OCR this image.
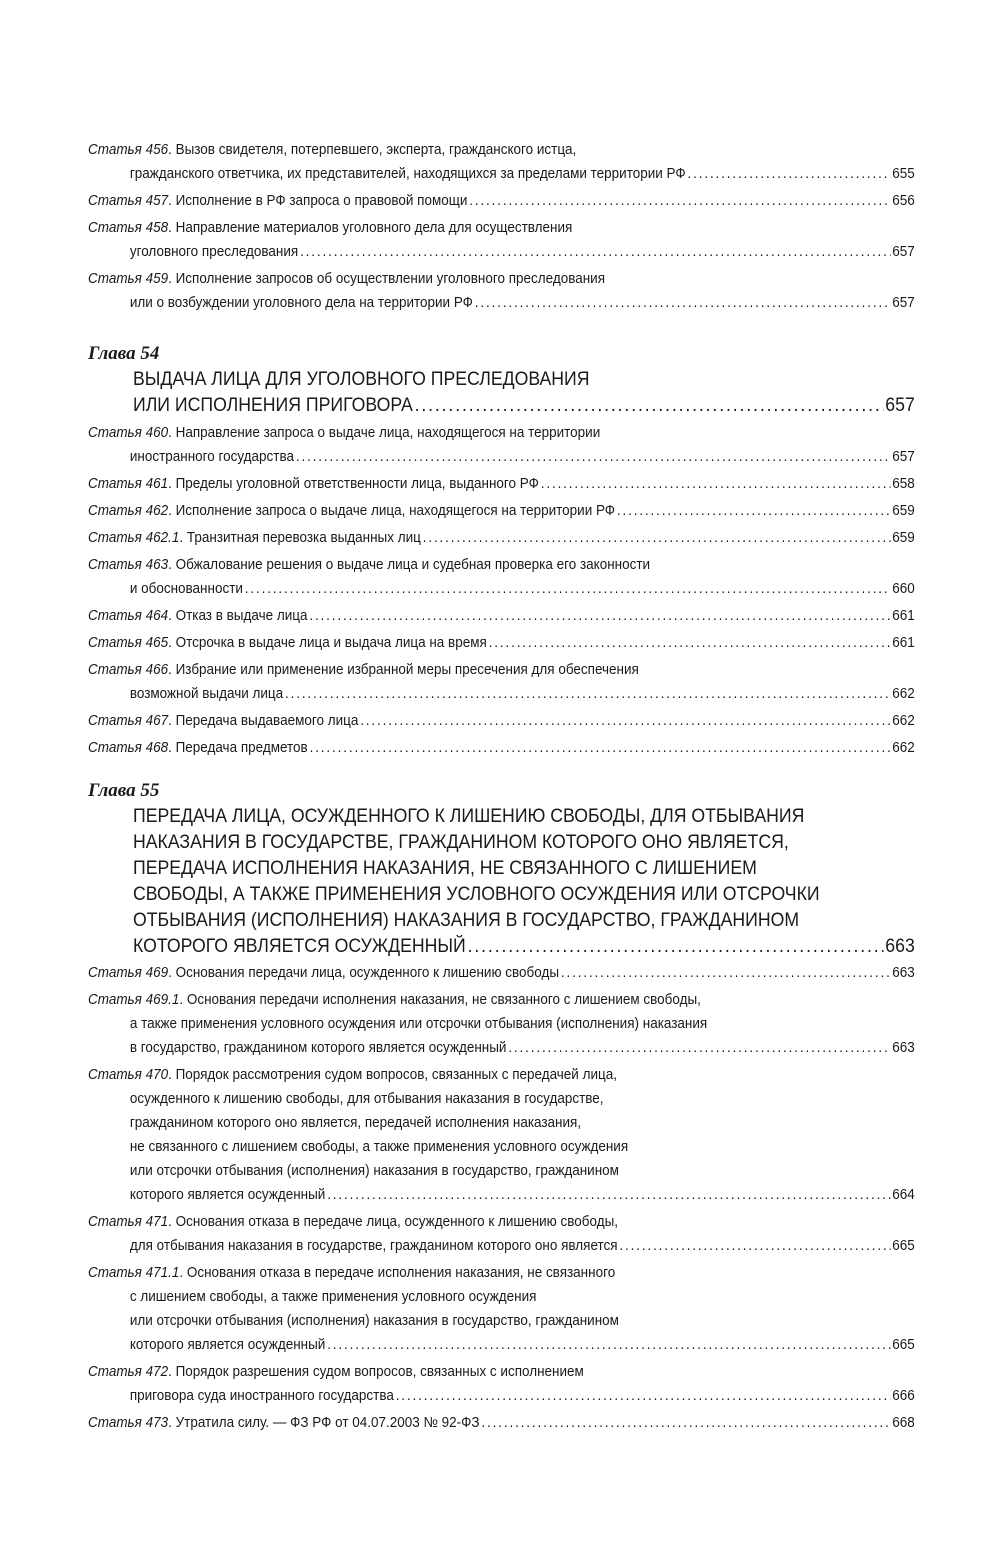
Статья 456. Вызов свидетеля, потерпевшего, эксперта, гражданского истца,
гражданского ответчика, их представителей, находящихся за пределами территории РФ .....	655
Статья 457. Исполнение в РФ запроса о правовой помощи .....	656
Статья 458. Направление материалов уголовного дела для осуществления
уголовного преследования .....	657
Статья 459. Исполнение запросов об осуществлении уголовного преследования
или о возбуждении уголовного дела на территории РФ .....	657
Глава 54
ВЫДАЧА ЛИЦА ДЛЯ УГОЛОВНОГО ПРЕСЛЕДОВАНИЯ
ИЛИ ИСПОЛНЕНИЯ ПРИГОВОРА .....	657
Статья 460. Направление запроса о выдаче лица, находящегося на территории
иностранного государства .....	657
Статья 461. Пределы уголовной ответственности лица, выданного РФ .....	658
Статья 462. Исполнение запроса о выдаче лица, находящегося на территории РФ .....	659
Статья 462.1. Транзитная перевозка выданных лиц .....	659
Статья 463. Обжалование решения о выдаче лица и судебная проверка его законности
и обоснованности .....	660
Статья 464. Отказ в выдаче лица .....	661
Статья 465. Отсрочка в выдаче лица и выдача лица на время .....	661
Статья 466. Избрание или применение избранной меры пресечения для обеспечения
возможной выдачи лица .....	662
Статья 467. Передача выдаваемого лица .....	662
Статья 468. Передача предметов .....	662
Глава 55
ПЕРЕДАЧА ЛИЦА, ОСУЖДЕННОГО К ЛИШЕНИЮ СВОБОДЫ, ДЛЯ ОТБЫВАНИЯ
НАКАЗАНИЯ В ГОСУДАРСТВЕ, ГРАЖДАНИНОМ КОТОРОГО ОНО ЯВЛЯЕТСЯ,
ПЕРЕДАЧА ИСПОЛНЕНИЯ НАКАЗАНИЯ, НЕ СВЯЗАННОГО С ЛИШЕНИЕМ
СВОБОДЫ, А ТАКЖЕ ПРИМЕНЕНИЯ УСЛОВНОГО ОСУЖДЕНИЯ ИЛИ ОТСРОЧКИ
ОТБЫВАНИЯ (ИСПОЛНЕНИЯ) НАКАЗАНИЯ В ГОСУДАРСТВО, ГРАЖДАНИНОМ
КОТОРОГО ЯВЛЯЕТСЯ ОСУЖДЕННЫЙ .....	663
Статья 469. Основания передачи лица, осужденного к лишению свободы .....	663
Статья 469.1. Основания передачи исполнения наказания, не связанного с лишением свободы,
а также применения условного осуждения или отсрочки отбывания (исполнения) наказания
в государство, гражданином которого является осужденный .....	663
Статья 470. Порядок рассмотрения судом вопросов, связанных с передачей лица,
осужденного к лишению свободы, для отбывания наказания в государстве,
гражданином которого оно является, передачей исполнения наказания,
не связанного с лишением свободы, а также применения условного осуждения
или отсрочки отбывания (исполнения) наказания в государство, гражданином
которого является осужденный .....	664
Статья 471. Основания отказа в передаче лица, осужденного к лишению свободы,
для отбывания наказания в государстве, гражданином которого оно является .....	665
Статья 471.1. Основания отказа в передаче исполнения наказания, не связанного
с лишением свободы, а также применения условного осуждения
или отсрочки отбывания (исполнения) наказания в государство, гражданином
которого является осужденный .....	665
Статья 472. Порядок разрешения судом вопросов, связанных с исполнением
приговора суда иностранного государства .....	666
Статья 473. Утратила силу. — ФЗ РФ от 04.07.2003 № 92-ФЗ .....	668
